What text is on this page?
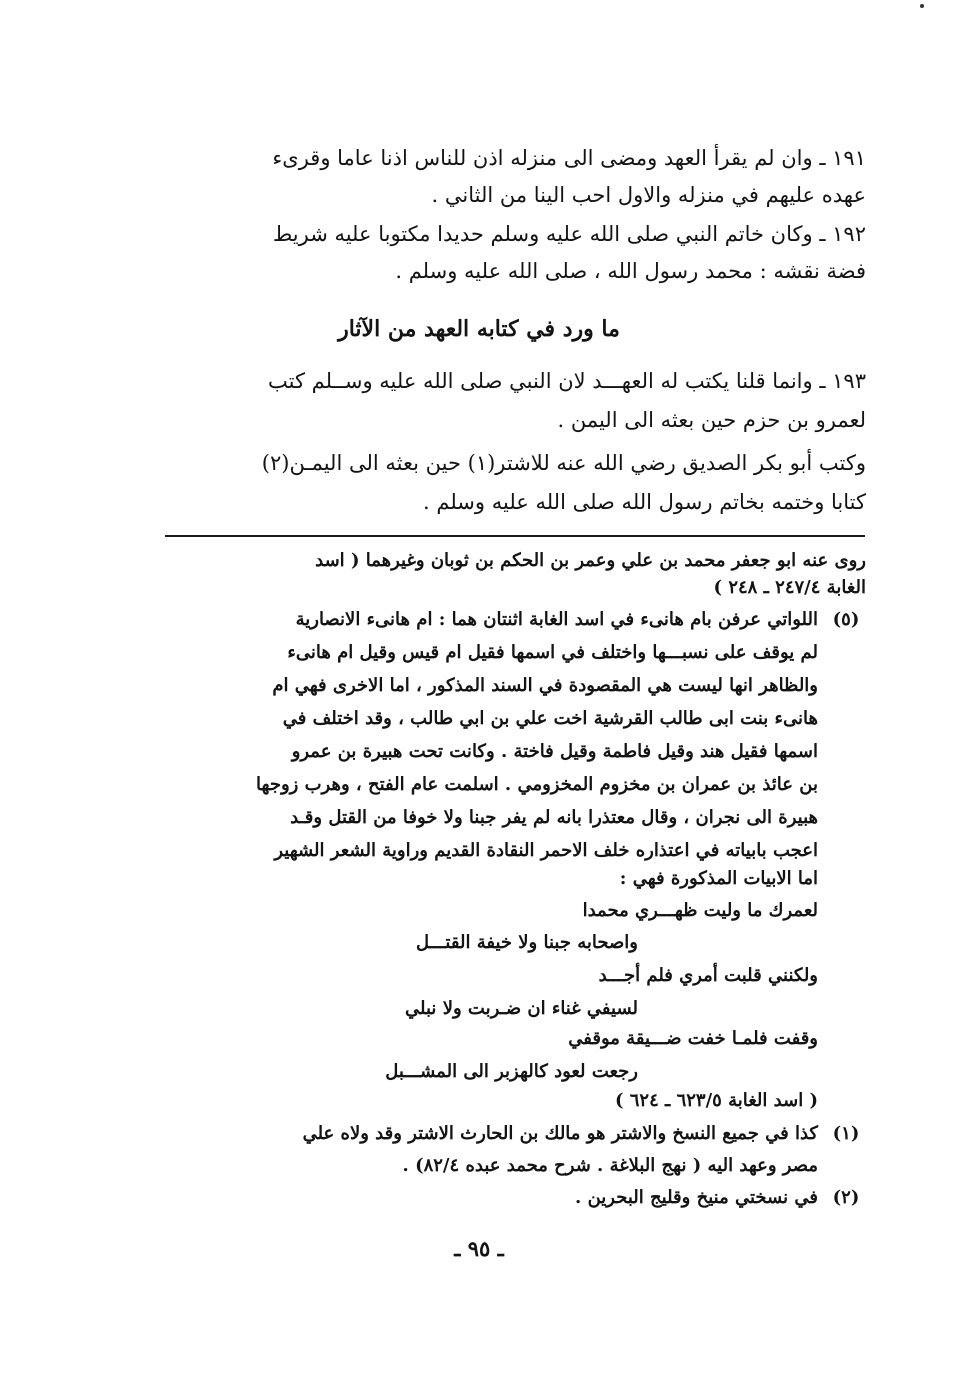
١٩١ ـ وان لم يقرأ العهد ومضى الى منزله اذن للناس اذنا عاما وقرىء

عهده عليهم في منزله والاول احب الينا من الثاني .

١٩٢ ـ وكان خاتم النبي صلى الله عليه وسلم حديدا مكتوبا عليه شريط

فضة نقشه : محمد رسول الله ، صلى الله عليه وسلم .

ما ورد في كتابه العهد من الآثار

١٩٣ ـ وانما قلنا يكتب له العهـــد لان النبي صلى الله عليه وســلم كتب

لعمرو بن حزم حين بعثه الى اليمن .

وكتب أبو بكر الصديق رضي الله عنه للاشتر(١) حين بعثه الى اليمـن(٢)

كتابا وختمه بخاتم رسول الله صلى الله عليه وسلم .

روى عنه ابو جعفر محمد بن علي وعمر بن الحكم بن ثوبان وغيرهما ( اسد

الغابة ٢٤٧/٤ ـ ٢٤٨ )

(٥)

اللواتي عرفن بام هانىء في اسد الغابة اثنتان هما : ام هانىء الانصارية

لم يوقف على نسبـــها واختلف في اسمها فقيل ام قيس وقيل ام هانىء

والظاهر انها ليست هي المقصودة في السند المذكور ، اما الاخرى فهي ام

هانىء بنت ابى طالب القرشية اخت علي بن ابي طالب ، وقد اختلف في

اسمها فقيل هند وقيل فاطمة وقيل فاختة . وكانت تحت هبيرة بن عمرو

بن عائذ بن عمران بن مخزوم المخزومي . اسلمت عام الفتح ، وهرب زوجها

هبيرة الى نجران ، وقال معتذرا بانه لم يفر جبنا ولا خوفا من القتل وقـد

اعجب بابياته في اعتذاره خلف الاحمر النقادة القديم وراوية الشعر الشهير

اما الابيات المذكورة فهي :

لعمرك ما وليت ظهـــري محمدا

واصحابه جبنا ولا خيفة القتـــل

ولكنني قلبت أمري فلم أجـــد

لسيفي غناء ان ضـربت ولا نبلي

وقفت فلمـا خفت ضـــيقة موقفي

رجعت لعود كالهزبر الى المشـــبل

( اسد الغابة ٦٢٣/٥ ـ ٦٢٤ )

(١)

كذا في جميع النسخ والاشتر هو مالك بن الحارث الاشتر وقد ولاه علي

مصر وعهد اليه ( نهج البلاغة . شرح محمد عبده ٨٢/٤) .

(٢)

في نسختي منيخ وقليج البحرين .

ـ ٩٥ ـ
